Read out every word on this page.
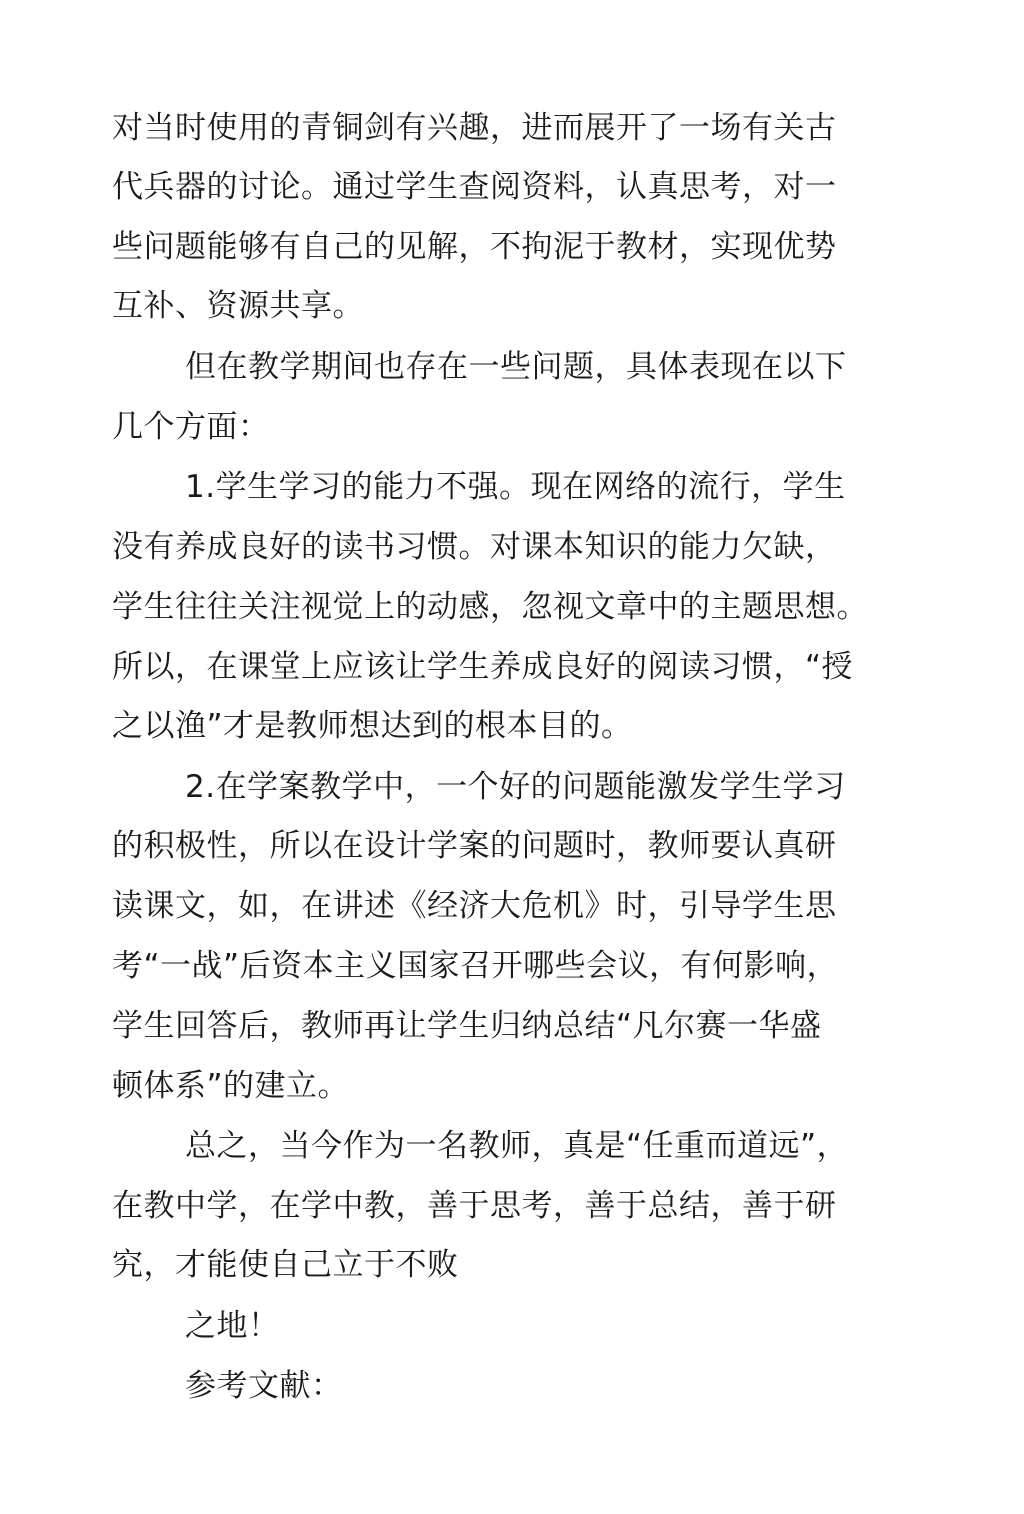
对当时使用的青铜剑有兴趣，进而展开了一场有关古
代兵器的讨论。通过学生查阅资料，认真思考，对一
些问题能够有自己的见解，不拘泥于教材，实现优势
互补、资源共享。
但在教学期间也存在一些问题，具体表现在以下
几个方面：
1.学生学习的能力不强。现在网络的流行，学生
没有养成良好的读书习惯。对课本知识的能力欠缺，
学生往往关注视觉上的动感，忽视文章中的主题思想。
所以，在课堂上应该让学生养成良好的阅读习惯，“授
之以渔”才是教师想达到的根本目的。
2.在学案教学中，一个好的问题能激发学生学习
的积极性，所以在设计学案的问题时，教师要认真研
读课文，如，在讲述《经济大危机》时，引导学生思
考“一战”后资本主义国家召开哪些会议，有何影响，
学生回答后，教师再让学生归纳总结“凡尔赛一华盛
顿体系”的建立。
总之，当今作为一名教师，真是“任重而道远”，
在教中学，在学中教，善于思考，善于总结，善于研
究，才能使自己立于不败
之地！
参考文献：
